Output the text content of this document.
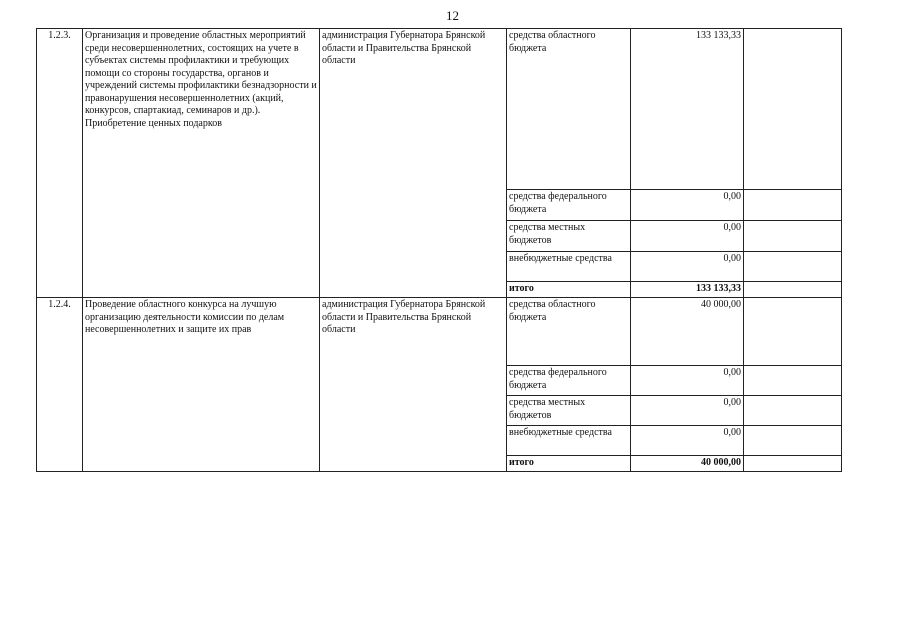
12
1.2.3.	Организация и проведение областных мероприятий среди несовершеннолетних, состоящих на учете в субъектах системы профилактики и требующих помощи со стороны государства, органов и учреждений системы профилактики безнадзорности и правонарушения несовершеннолетних (акций, конкурсов, спартакиад, семинаров и др.). Приобретение ценных подарков	администрация Губернатора Брянской области и Правительства Брянской области	средства областного бюджета	133 133,33	
			средства федерального бюджета	0,00	
			средства местных бюджетов	0,00	
			внебюджетные средства	0,00	
			итого	133 133,33	
1.2.4.	Проведение областного конкурса на лучшую организацию деятельности комиссии по делам несовершеннолетних и защите их прав	администрация Губернатора Брянской области и Правительства Брянской области	средства областного бюджета	40 000,00	
			средства федерального бюджета	0,00	
			средства местных бюджетов	0,00	
			внебюджетные средства	0,00	
			итого	40 000,00	
